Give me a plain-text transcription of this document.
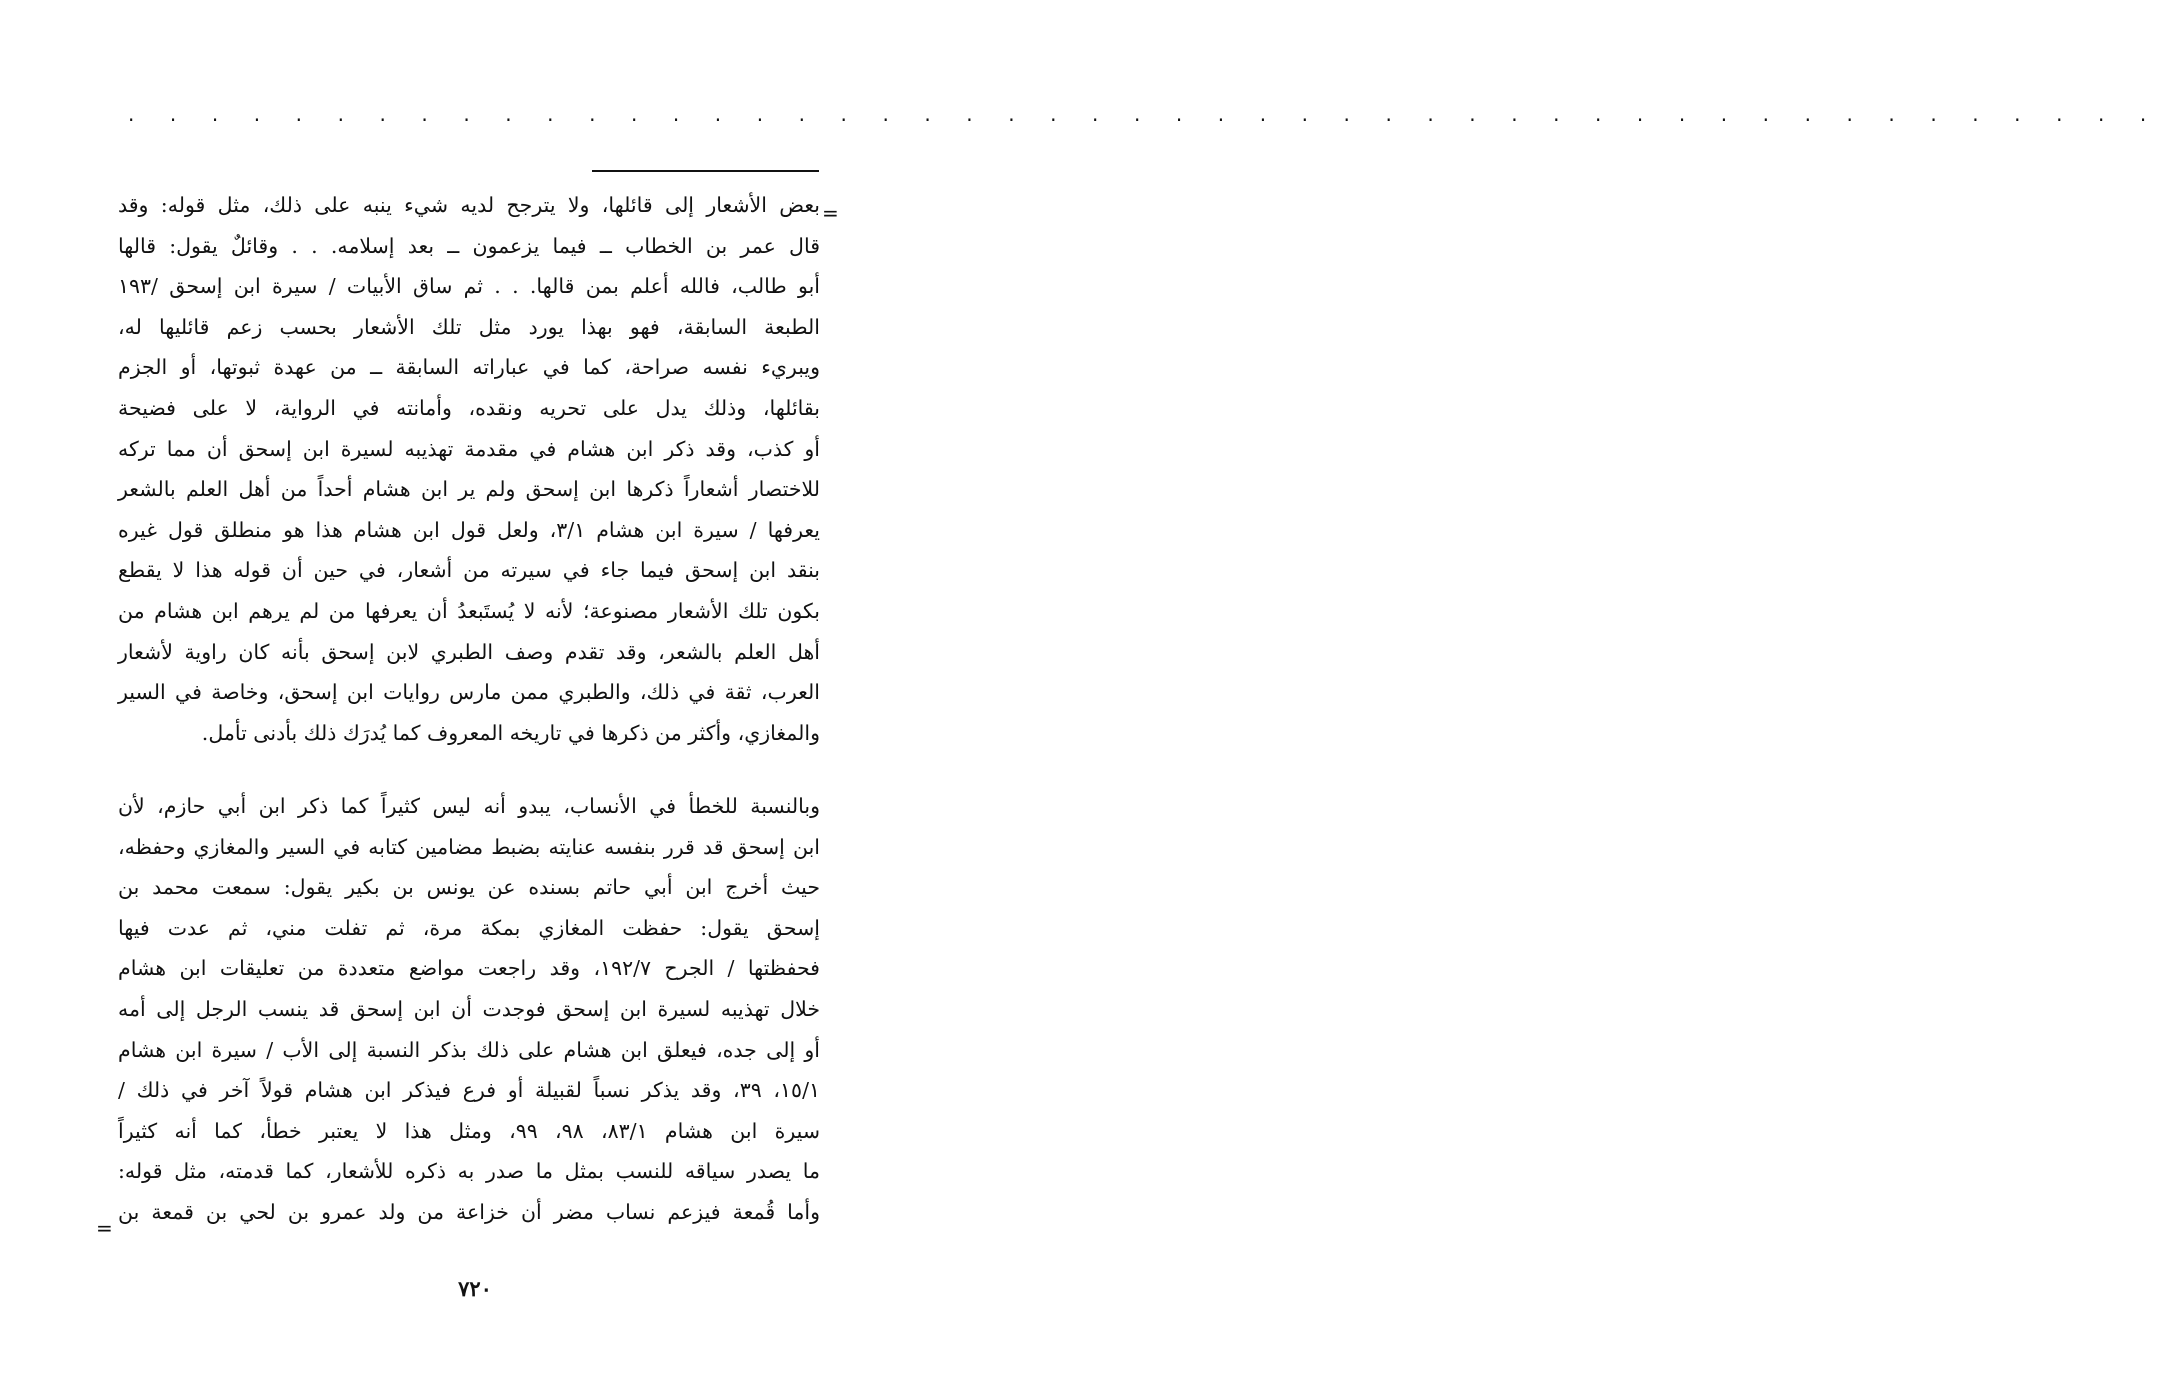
. . . . . . . . . . . . . . . . . . . . . . . . . . . . . . . . . . . . . . . . . . . . . . . . .
=
بعض الأشعار إلى قائلها، ولا يترجح لديه شيء ينبه على ذلك، مثل قوله: وقد
قال عمر بن الخطاب ــ فيما يزعمون ــ بعد إسلامه. . . وقائلٌ يقول: قالها
أبو طالب، فالله أعلم بمن قالها. . . ثم ساق الأبيات / سيرة ابن إسحق /١٩٣
الطبعة السابقة، فهو بهذا يورد مثل تلك الأشعار بحسب زعم قائليها له،
ويبريء نفسه صراحة، كما في عباراته السابقة ــ من عهدة ثبوتها، أو الجزم
بقائلها، وذلك يدل على تحريه ونقده، وأمانته في الرواية، لا على فضيحة
أو كذب، وقد ذكر ابن هشام في مقدمة تهذيبه لسيرة ابن إسحق أن مما تركه
للاختصار أشعاراً ذكرها ابن إسحق ولم ير ابن هشام أحداً من أهل العلم بالشعر
يعرفها / سيرة ابن هشام ٣/١، ولعل قول ابن هشام هذا هو منطلق قول غيره
بنقد ابن إسحق فيما جاء في سيرته من أشعار، في حين أن قوله هذا لا يقطع
بكون تلك الأشعار مصنوعة؛ لأنه لا يُستَبعدُ أن يعرفها من لم يرهم ابن هشام من
أهل العلم بالشعر، وقد تقدم وصف الطبري لابن إسحق بأنه كان راوية لأشعار
العرب، ثقة في ذلك، والطبري ممن مارس روايات ابن إسحق، وخاصة في السير
والمغازي، وأكثر من ذكرها في تاريخه المعروف كما يُدرَك ذلك بأدنى تأمل.
وبالنسبة للخطأ في الأنساب، يبدو أنه ليس كثيراً كما ذكر ابن أبي حازم، لأن
ابن إسحق قد قرر بنفسه عنايته بضبط مضامين كتابه في السير والمغازي وحفظه،
حيث أخرج ابن أبي حاتم بسنده عن يونس بن بكير يقول: سمعت محمد بن
إسحق يقول: حفظت المغازي بمكة مرة، ثم تفلت مني، ثم عدت فيها
فحفظتها / الجرح ١٩٢/٧، وقد راجعت مواضع متعددة من تعليقات ابن هشام
خلال تهذيبه لسيرة ابن إسحق فوجدت أن ابن إسحق قد ينسب الرجل إلى أمه
أو إلى جده، فيعلق ابن هشام على ذلك بذكر النسبة إلى الأب / سيرة ابن هشام
١٥/١، ٣٩، وقد يذكر نسباً لقبيلة أو فرع فيذكر ابن هشام قولاً آخر في ذلك /
سيرة ابن هشام ٨٣/١، ٩٨، ٩٩، ومثل هذا لا يعتبر خطأ، كما أنه كثيراً
ما يصدر سياقه للنسب بمثل ما صدر به ذكره للأشعار، كما قدمته، مثل قوله:
وأما قُمعة فيزعم نساب مضر أن خزاعة من ولد عمرو بن لحي بن قمعة بن
=
٧٢٠
